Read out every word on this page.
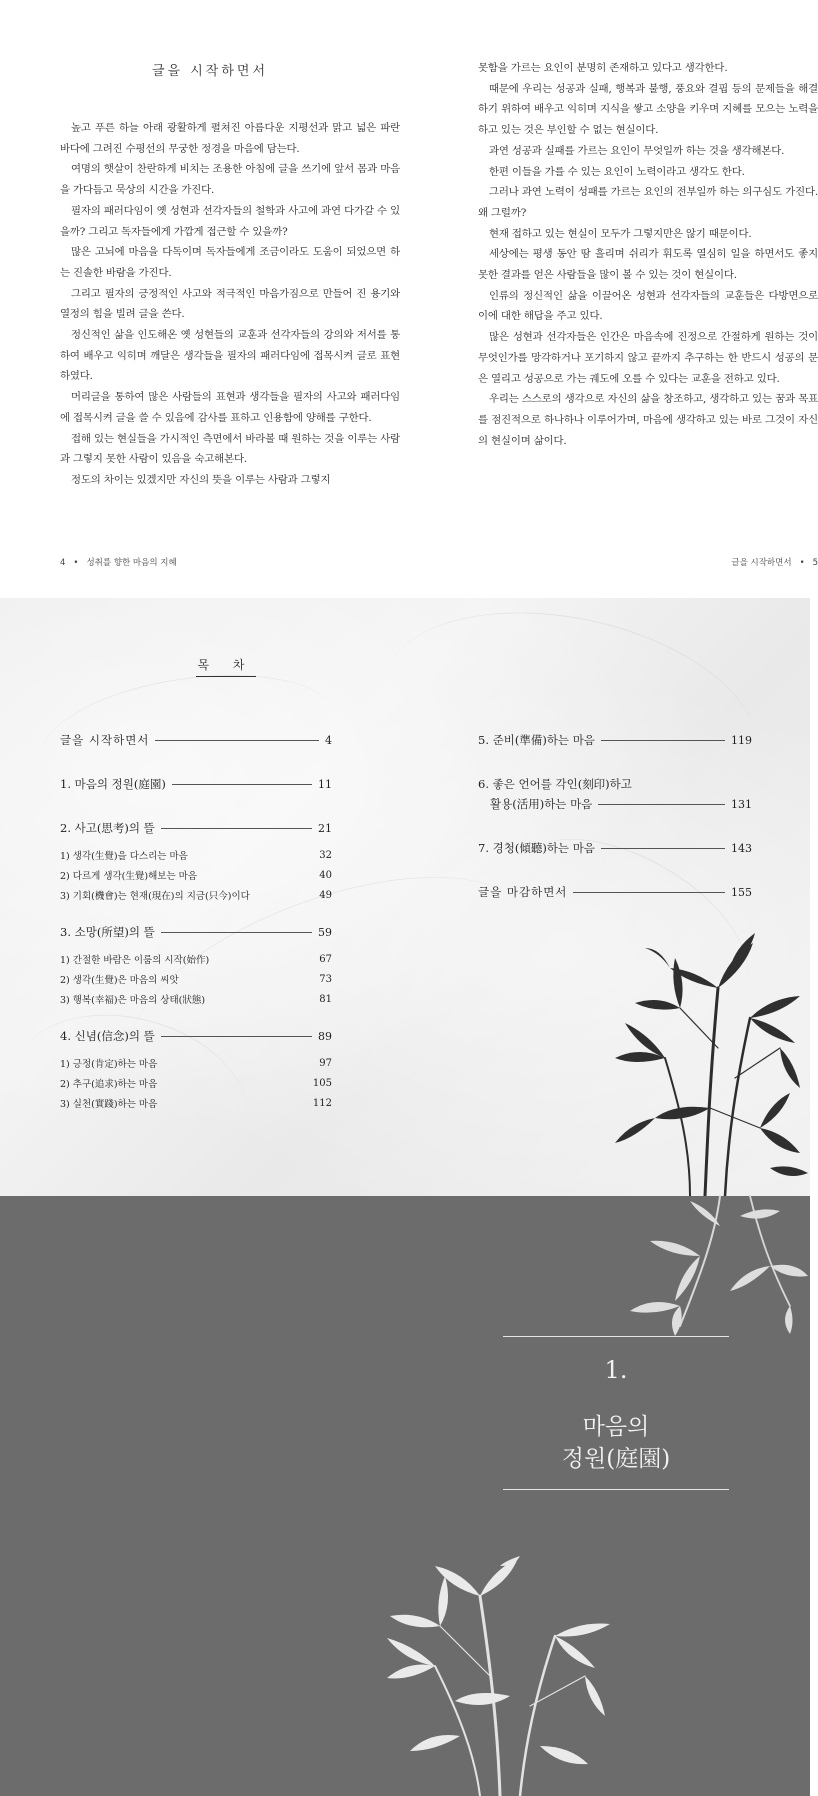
글을 시작하면서

높고 푸른 하늘 아래 광활하게 펼쳐진 아름다운 지평선과 맑고 넓은 파란 바다에 그려진 수평선의 무궁한 정경을 마음에 담는다.

여명의 햇살이 찬란하게 비치는 조용한 아침에 글을 쓰기에 앞서 몸과 마음을 가다듬고 묵상의 시간을 가진다.

필자의 패러다임이 옛 성현과 선각자들의 철학과 사고에 과연 다가갈 수 있을까? 그리고 독자들에게 가깝게 접근할 수 있을까?

많은 고뇌에 마음을 다독이며 독자들에게 조금이라도 도움이 되었으면 하는 진솔한 바람을 가진다.

그리고 필자의 긍정적인 사고와 적극적인 마음가짐으로 만들어 진 용기와 열정의 힘을 빌려 글을 쓴다.

정신적인 삶을 인도해온 옛 성현들의 교훈과 선각자들의 강의와 저서를 통하여 배우고 익히며 깨달은 생각들을 필자의 패러다임에 접목시켜 글로 표현하였다.

머리글을 통하여 많은 사람들의 표현과 생각들을 필자의 사고와 패러다임에 접목시켜 글을 쓸 수 있음에 감사를 표하고 인용함에 양해를 구한다.

접해 있는 현실들을 가시적인 측면에서 바라볼 때 원하는 것을 이루는 사람과 그렇지 못한 사람이 있음을 숙고해본다.

정도의 차이는 있겠지만 자신의 뜻을 이루는 사람과 그렇지

4 • 성취를 향한 마음의 지혜

못함을 가르는 요인이 분명히 존재하고 있다고 생각한다.

때문에 우리는 성공과 실패, 행복과 불행, 풍요와 결핍 등의 문제들을 해결하기 위하여 배우고 익히며 지식을 쌓고 소양을 키우며 지혜를 모으는 노력을 하고 있는 것은 부인할 수 없는 현실이다.

과연 성공과 실패를 가르는 요인이 무엇일까 하는 것을 생각해본다.

한편 이들을 가를 수 있는 요인이 노력이라고 생각도 한다.

그러나 과연 노력이 성패를 가르는 요인의 전부일까 하는 의구심도 가진다. 왜 그럴까?

현재 접하고 있는 현실이 모두가 그렇지만은 않기 때문이다.

세상에는 평생 동안 땀 흘리며 쉬리가 휘도록 열심히 일을 하면서도 좋지 못한 결과를 얻은 사람들을 많이 볼 수 있는 것이 현실이다.

인류의 정신적인 삶을 이끌어온 성현과 선각자들의 교훈들은 다방면으로 이에 대한 해답을 주고 있다.

많은 성현과 선각자들은 인간은 마음속에 진정으로 간절하게 원하는 것이 무엇인가를 망각하거나 포기하지 않고 끝까지 추구하는 한 반드시 성공의 문은 열리고 성공으로 가는 궤도에 오를 수 있다는 교훈을 전하고 있다.

우리는 스스로의 생각으로 자신의 삶을 창조하고, 생각하고 있는 꿈과 목표를 점진적으로 하나하나 이루어가며, 마음에 생각하고 있는 바로 그것이 자신의 현실이며 삶이다.

글을 시작하면서 • 5
목 차
글을 시작하면서	4
1. 마음의 정원(庭園)	11
2. 사고(思考)의 뜰	21
1) 생각(生覺)을 다스리는 마음	32
2) 다르게 생각(生覺)해보는 마음	40
3) 기회(機會)는 현재(現在)의 지금(只今)이다	49
3. 소망(所望)의 뜰	59
1) 간절한 바람은 이룸의 시작(始作)	67
2) 생각(生覺)은 마음의 씨앗	73
3) 행복(幸福)은 마음의 상태(狀態)	81
4. 신념(信念)의 뜰	89
1) 긍정(肯定)하는 마음	97
2) 추구(追求)하는 마음	105
3) 실천(實踐)하는 마음	112
5. 준비(準備)하는 마음	119
6. 좋은 언어를 각인(刻印)하고
활용(活用)하는 마음	131
7. 경청(傾聽)하는 마음	143
글을 마감하면서	155
1.
마음의
정원(庭園)
